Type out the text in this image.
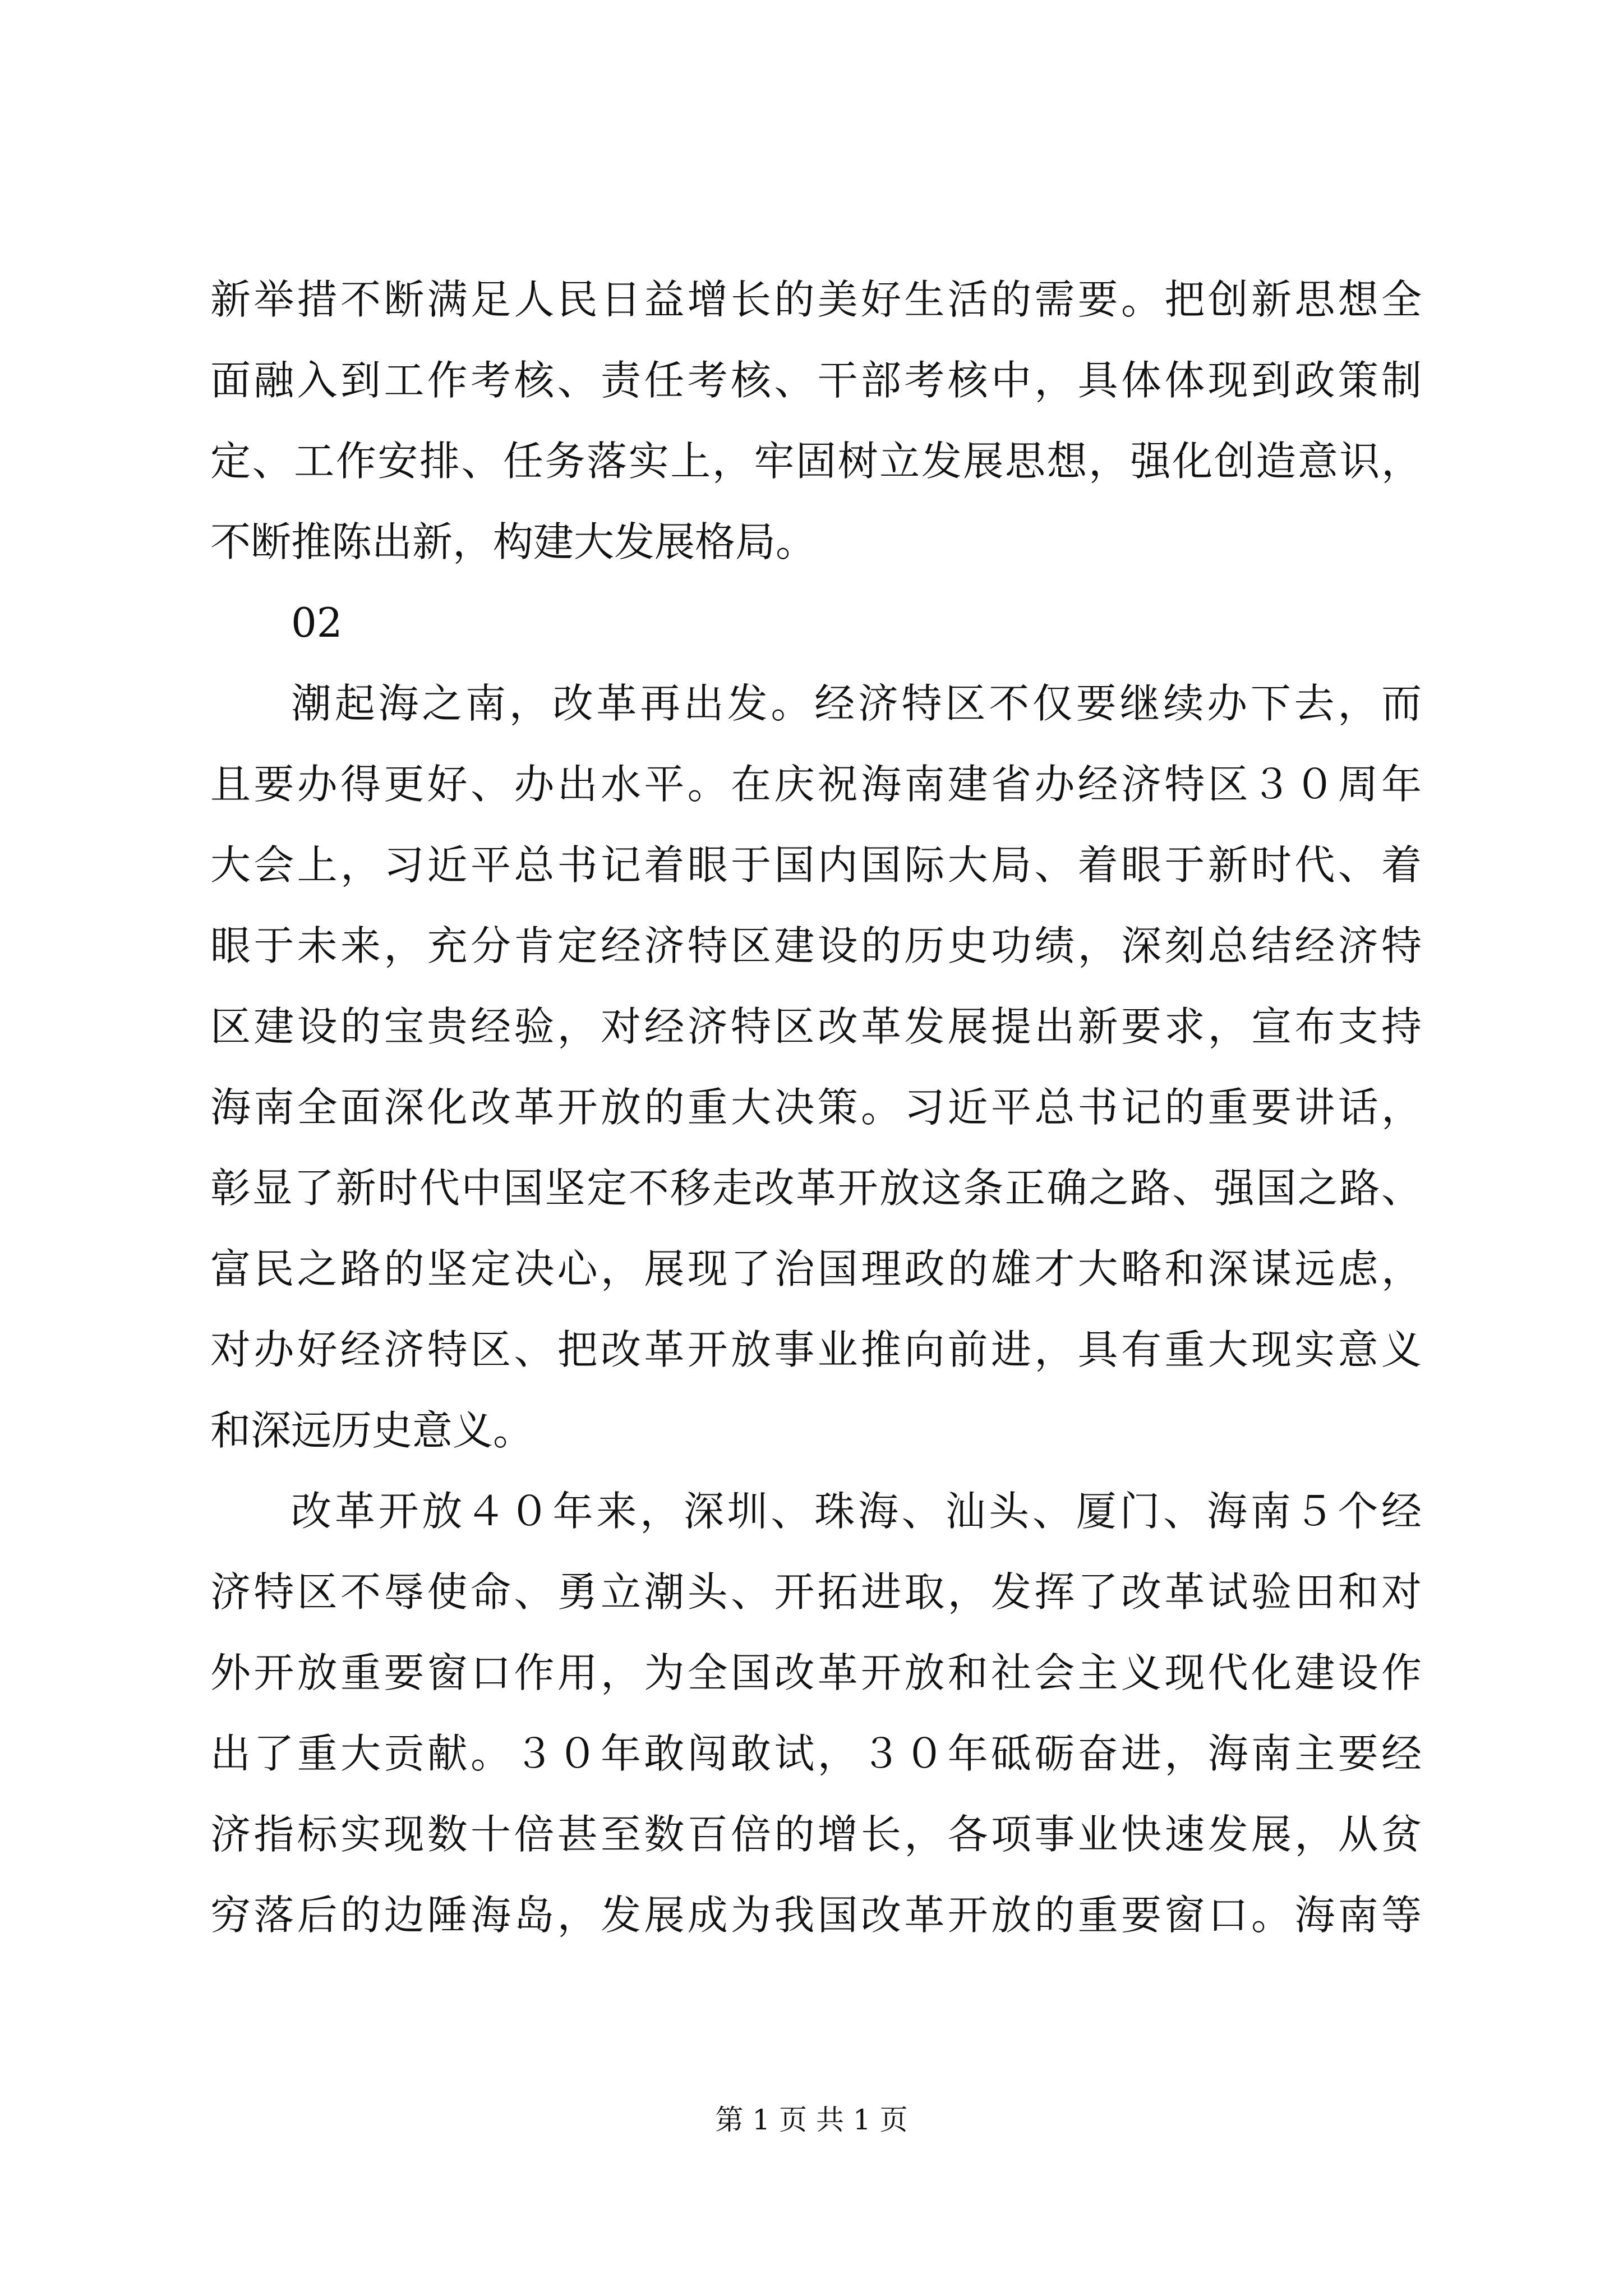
新举措不断满足人民日益增长的美好生活的需要。把创新思想全
面融入到工作考核、责任考核、干部考核中，具体体现到政策制
定、工作安排、任务落实上，牢固树立发展思想，强化创造意识，
不断推陈出新，构建大发展格局。
02
潮起海之南，改革再出发。经济特区不仅要继续办下去，而
且要办得更好、办出水平。在庆祝海南建省办经济特区３０周年
大会上，习近平总书记着眼于国内国际大局、着眼于新时代、着
眼于未来，充分肯定经济特区建设的历史功绩，深刻总结经济特
区建设的宝贵经验，对经济特区改革发展提出新要求，宣布支持
海南全面深化改革开放的重大决策。习近平总书记的重要讲话，
彰显了新时代中国坚定不移走改革开放这条正确之路、强国之路、
富民之路的坚定决心，展现了治国理政的雄才大略和深谋远虑，
对办好经济特区、把改革开放事业推向前进，具有重大现实意义
和深远历史意义。
改革开放４０年来，深圳、珠海、汕头、厦门、海南５个经
济特区不辱使命、勇立潮头、开拓进取，发挥了改革试验田和对
外开放重要窗口作用，为全国改革开放和社会主义现代化建设作
出了重大贡献。３０年敢闯敢试，３０年砥砺奋进，海南主要经
济指标实现数十倍甚至数百倍的增长，各项事业快速发展，从贫
穷落后的边陲海岛，发展成为我国改革开放的重要窗口。海南等
第 1 页 共 1 页
